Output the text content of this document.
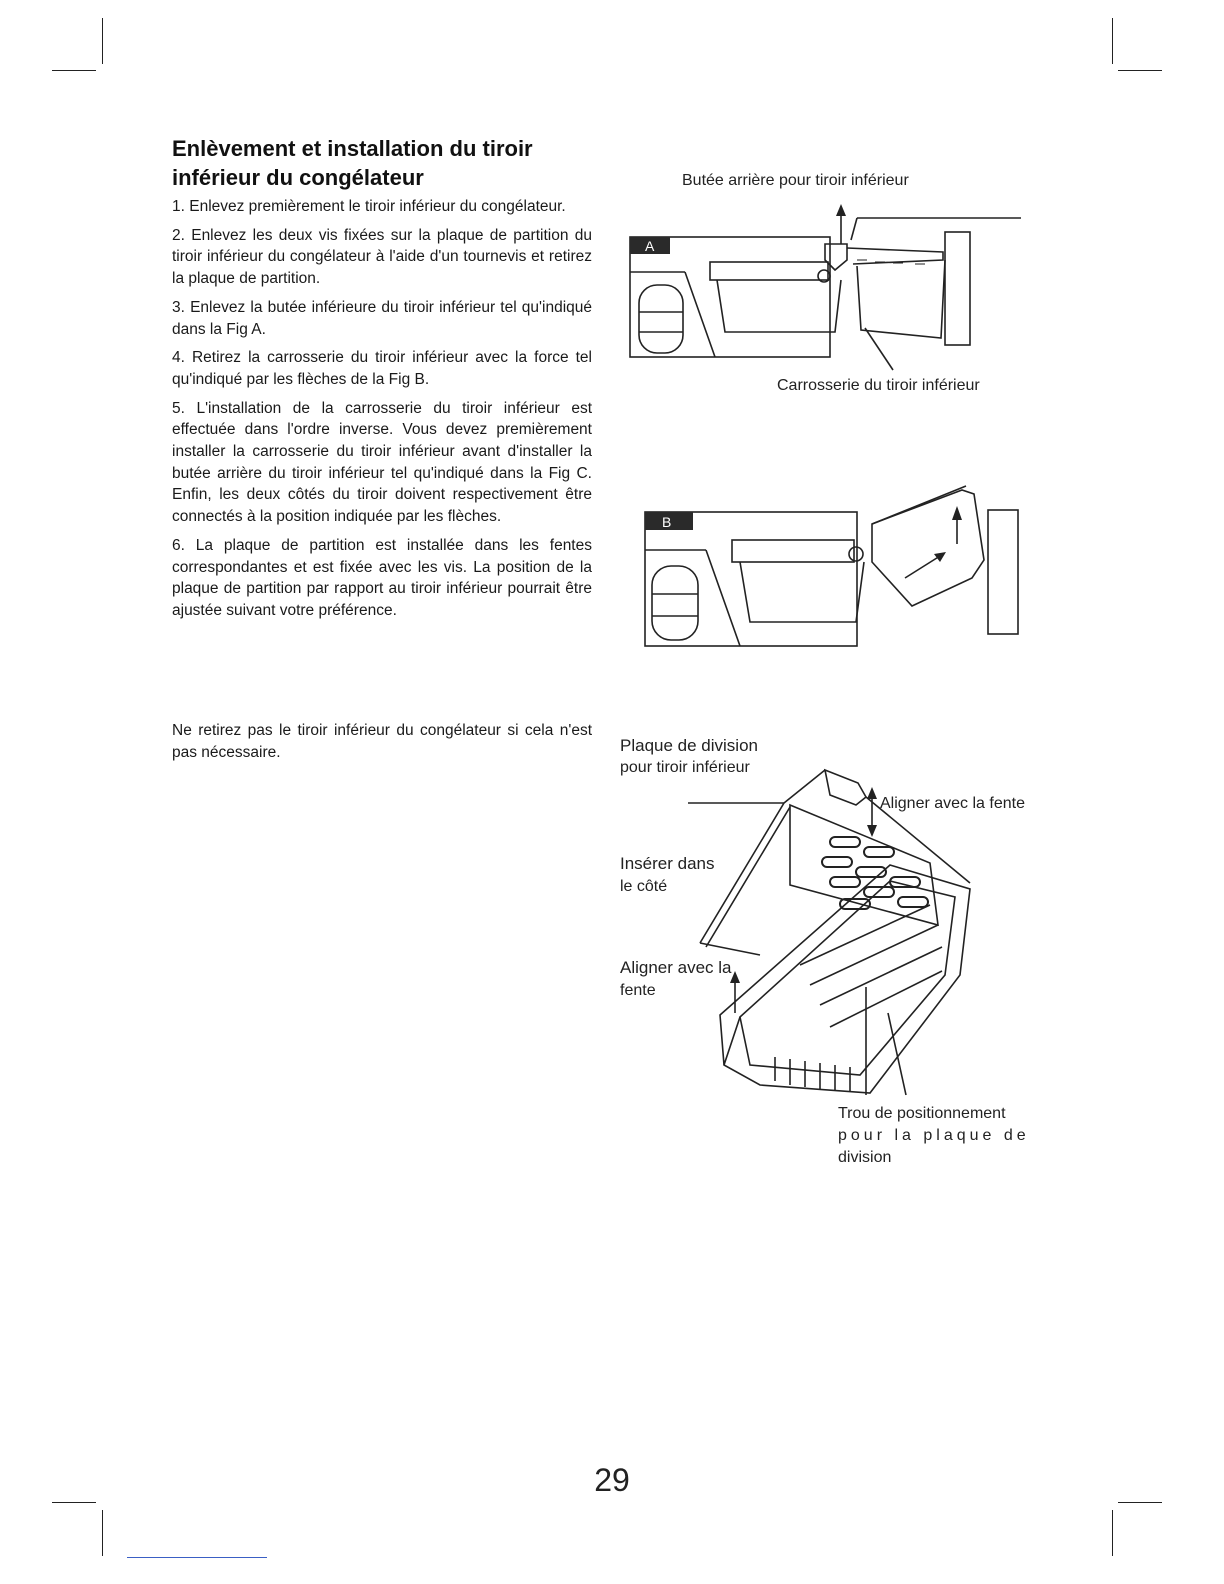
Enlèvement et installation du tiroir inférieur du congélateur

1. Enlevez premièrement le tiroir inférieur du congélateur.

2. Enlevez les deux vis fixées sur la plaque de partition du tiroir inférieur du congélateur à l'aide d'un tournevis et retirez la plaque de partition.

3. Enlevez la butée inférieure du tiroir inférieur tel qu'indiqué dans la Fig A.

4. Retirez la carrosserie du tiroir inférieur avec la force tel qu'indiqué par les flèches de la Fig B.

5. L'installation de la carrosserie du tiroir inférieur est effectuée dans l'ordre inverse. Vous devez premièrement installer la carrosserie du tiroir inférieur avant d'installer la butée arrière du tiroir inférieur tel qu'indiqué dans la Fig C. Enfin, les deux côtés du tiroir doivent respectivement être connectés à la position indiquée par les flèches.

6. La plaque de partition est installée dans les fentes correspondantes et est fixée avec les vis. La position de la plaque de partition par rapport au tiroir inférieur pourrait être ajustée suivant votre préférence.

Ne retirez pas le tiroir inférieur du congélateur si cela n'est pas nécessaire.

Butée arrière pour tiroir inférieur

A

Carrosserie du tiroir inférieur

B

Plaque de division

pour tiroir inférieur

Aligner avec la fente

Insérer dans

le côté

Aligner avec la

fente

Trou de positionnement

pour la plaque de

division

29
